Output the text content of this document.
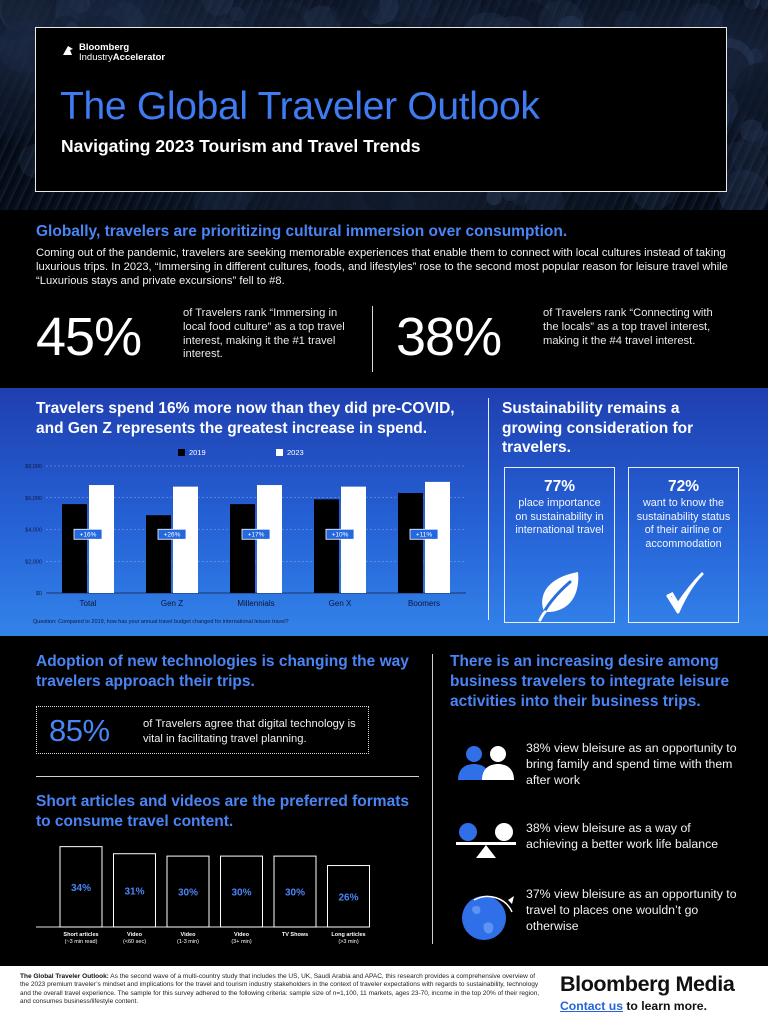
Bloomberg
IndustryAccelerator
The Global Traveler Outlook
Navigating 2023 Tourism and Travel Trends
Globally, travelers are prioritizing cultural immersion over consumption.
Coming out of the pandemic, travelers are seeking memorable experiences that enable them to connect with local cultures instead of taking luxurious trips. In 2023, “Immersing in different cultures, foods, and lifestyles” rose to the second most popular reason for leisure travel while “Luxurious stays and private excursions” fell to #8.
45%	of Travelers rank “Immersing in local food culture” as a top travel interest, making it the #1 travel interest.	38%	of Travelers rank “Connecting with the locals” as a top travel interest, making it the #4 travel interest.
Travelers spend 16% more now than they did pre-COVID, and Gen Z represents the greatest increase in spend.
2019	2023
$0
$2,000
$4,000
$6,000
$8,000
+16%
Total
+26%
Gen Z
+17%
Millennials
+10%
Gen X
+11%
Boomers
Question: Compared to 2019, how has your annual travel budget changed for international leisure travel?
Sustainability remains a growing consideration for travelers.
77%
place importance on sustainability in international travel
72%
want to know the sustainability status of their airline or accommodation
Adoption of new technologies is changing the way travelers approach their trips.
85%	of Travelers agree that digital technology is vital in facilitating travel planning.
Short articles and videos are the preferred formats to consume travel content.
34%
Short articles
(~3 min read)
31%
Video
(<60 sec)
30%
Video
(1-3 min)
30%
Video
(3+ min)
30%
TV Shows
26%
Long articles
(>3 min)
There is an increasing desire among business travelers to integrate leisure activities into their business trips.
38% view bleisure as an opportunity to bring family and spend time with them after work
38% view bleisure as a way of achieving a better work life balance
37% view bleisure as an opportunity to travel to places one wouldn’t go otherwise
The Global Traveler Outlook: As the second wave of a multi-country study that includes the US, UK, Saudi Arabia and APAC, this research provides a comprehensive overview of the 2023 premium traveler’s mindset and implications for the travel and tourism industry stakeholders in the context of traveler expectations with regards to sustainability, technology and the overall travel experience. The sample for this survey adhered to the following criteria: sample size of n=1,100, 11 markets, ages 23-70, income in the top 20% of their region, and consumes business/lifestyle content.
Bloomberg Media
Contact us to learn more.
